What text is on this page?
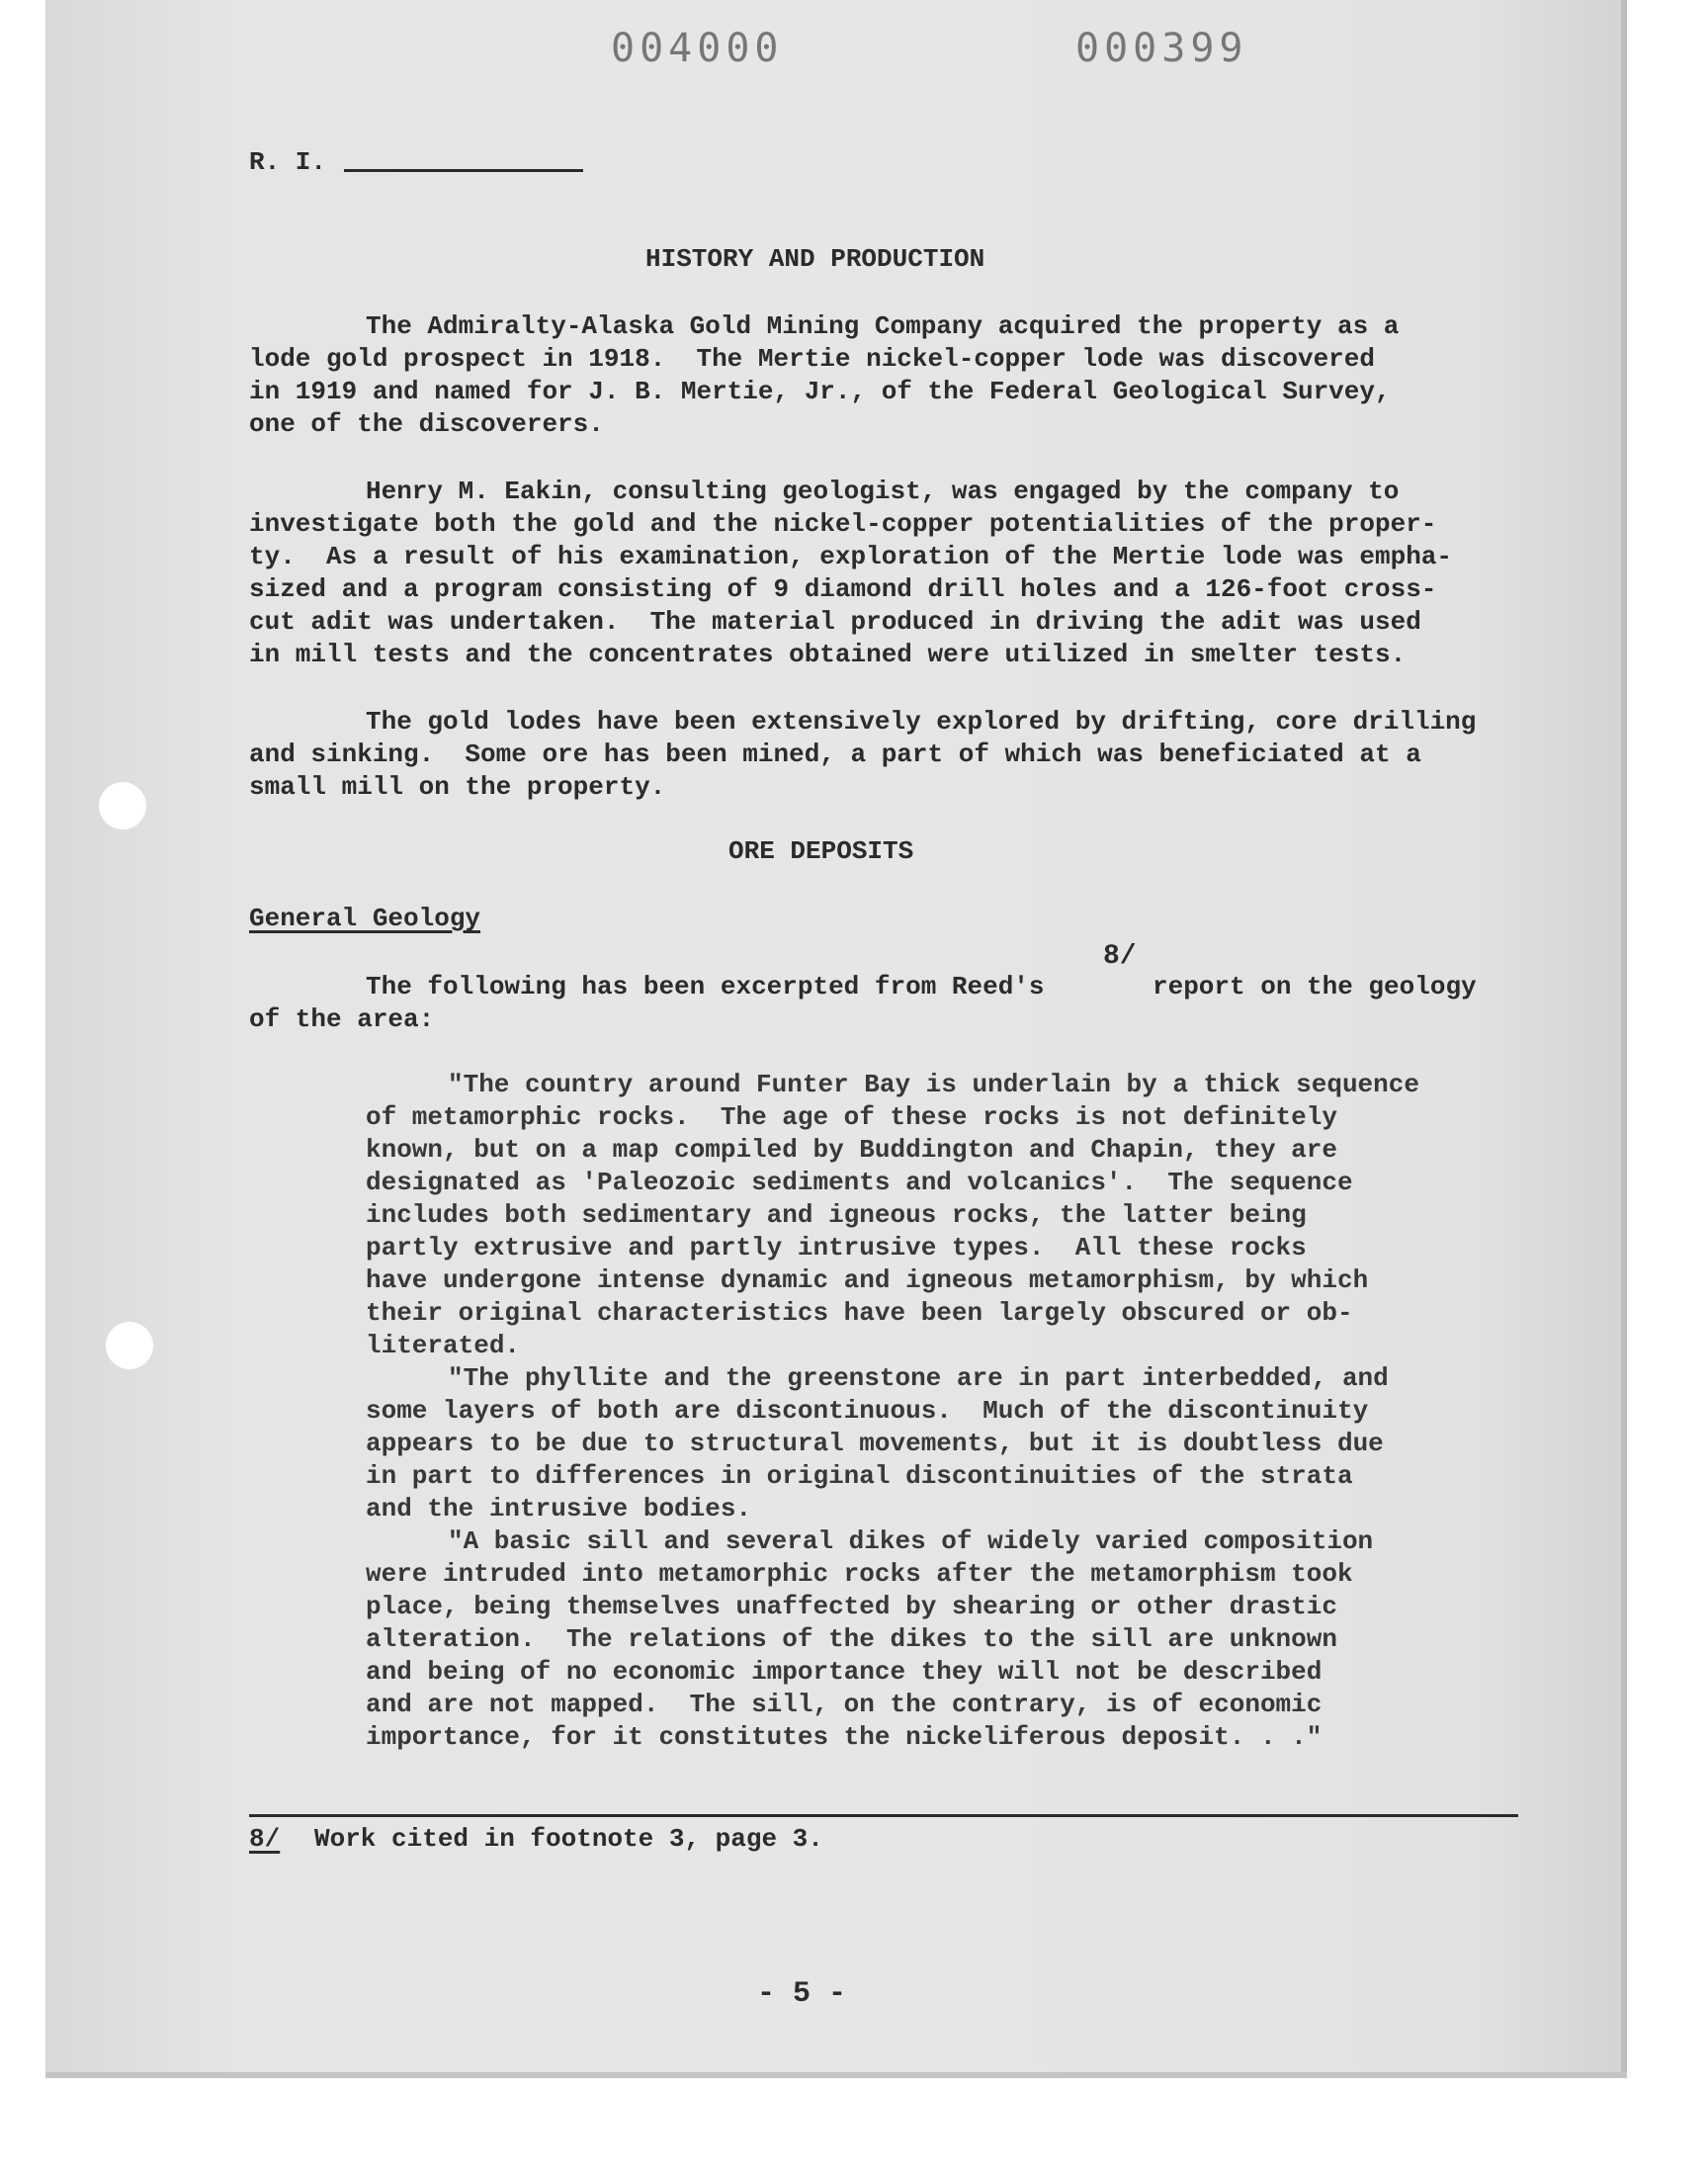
004000	000399
R. I.
HISTORY AND PRODUCTION
The Admiralty-Alaska Gold Mining Company acquired the property as a
lode gold prospect in 1918.  The Mertie nickel-copper lode was discovered
in 1919 and named for J. B. Mertie, Jr., of the Federal Geological Survey,
one of the discoverers.
Henry M. Eakin, consulting geologist, was engaged by the company to
investigate both the gold and the nickel-copper potentialities of the proper-
ty.  As a result of his examination, exploration of the Mertie lode was empha-
sized and a program consisting of 9 diamond drill holes and a 126-foot cross-
cut adit was undertaken.  The material produced in driving the adit was used
in mill tests and the concentrates obtained were utilized in smelter tests.
The gold lodes have been extensively explored by drifting, core drilling
and sinking.  Some ore has been mined, a part of which was beneficiated at a
small mill on the property.
ORE DEPOSITS
General Geology
The following has been excerpted from Reed's
8/
report on the geology
of the area:
"The country around Funter Bay is underlain by a thick sequence
of metamorphic rocks.  The age of these rocks is not definitely
known, but on a map compiled by Buddington and Chapin, they are
designated as 'Paleozoic sediments and volcanics'.  The sequence
includes both sedimentary and igneous rocks, the latter being
partly extrusive and partly intrusive types.  All these rocks
have undergone intense dynamic and igneous metamorphism, by which
their original characteristics have been largely obscured or ob-
literated.
"The phyllite and the greenstone are in part interbedded, and
some layers of both are discontinuous.  Much of the discontinuity
appears to be due to structural movements, but it is doubtless due
in part to differences in original discontinuities of the strata
and the intrusive bodies.
"A basic sill and several dikes of widely varied composition
were intruded into metamorphic rocks after the metamorphism took
place, being themselves unaffected by shearing or other drastic
alteration.  The relations of the dikes to the sill are unknown
and being of no economic importance they will not be described
and are not mapped.  The sill, on the contrary, is of economic
importance, for it constitutes the nickeliferous deposit. . ."
8/ Work cited in footnote 3, page 3.
- 5 -
